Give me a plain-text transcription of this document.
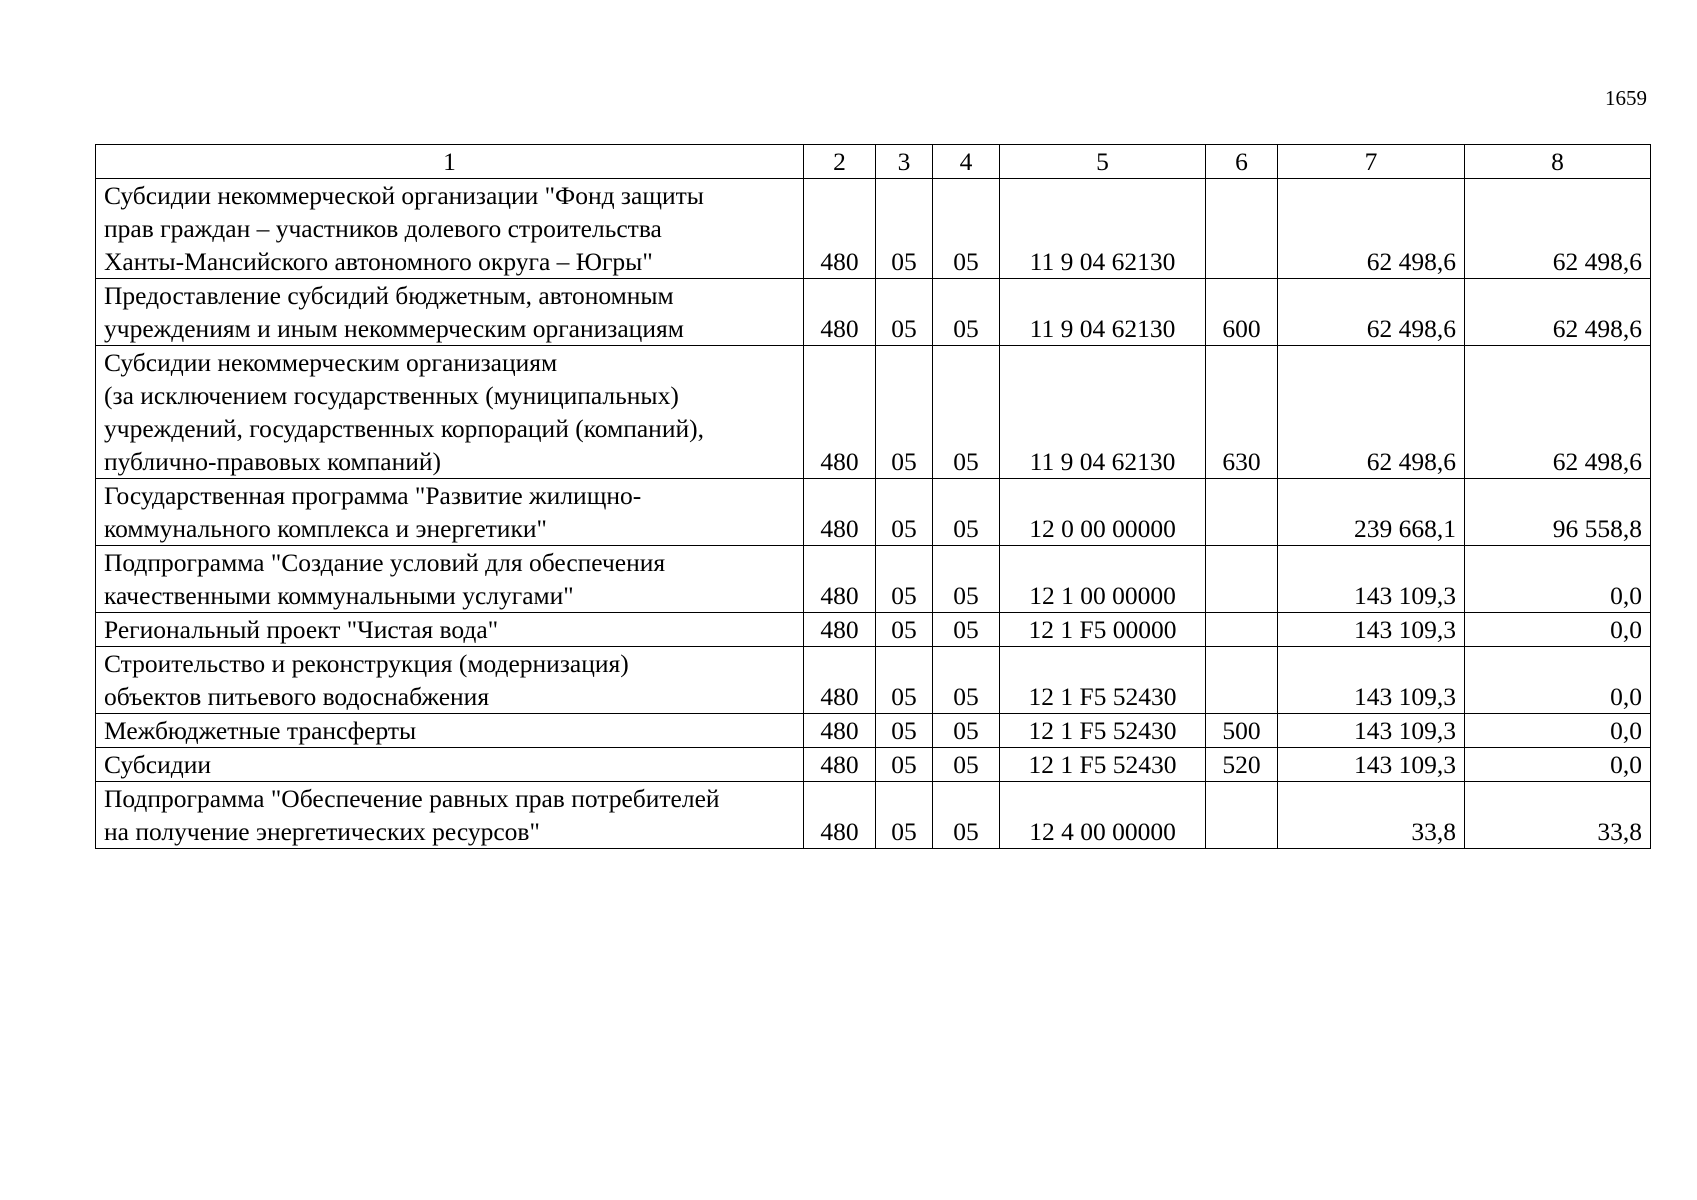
1659
1	2	3	4	5	6	7	8
Субсидии некоммерческой организации "Фонд защиты
прав граждан – участников долевого строительства
Ханты-Мансийского автономного округа – Югры"	480	05	05	11 9 04 62130		62 498,6	62 498,6
Предоставление субсидий бюджетным, автономным
учреждениям и иным некоммерческим организациям	480	05	05	11 9 04 62130	600	62 498,6	62 498,6
Субсидии некоммерческим организациям
(за исключением государственных (муниципальных)
учреждений, государственных корпораций (компаний),
публично-правовых компаний)	480	05	05	11 9 04 62130	630	62 498,6	62 498,6
Государственная программа "Развитие жилищно-
коммунального комплекса и энергетики"	480	05	05	12 0 00 00000		239 668,1	96 558,8
Подпрограмма "Создание условий для обеспечения
качественными коммунальными услугами"	480	05	05	12 1 00 00000		143 109,3	0,0
Региональный проект "Чистая вода"	480	05	05	12 1 F5 00000		143 109,3	0,0
Строительство и реконструкция (модернизация)
объектов питьевого водоснабжения	480	05	05	12 1 F5 52430		143 109,3	0,0
Межбюджетные трансферты	480	05	05	12 1 F5 52430	500	143 109,3	0,0
Субсидии	480	05	05	12 1 F5 52430	520	143 109,3	0,0
Подпрограмма "Обеспечение равных прав потребителей
на получение энергетических ресурсов"	480	05	05	12 4 00 00000		33,8	33,8
